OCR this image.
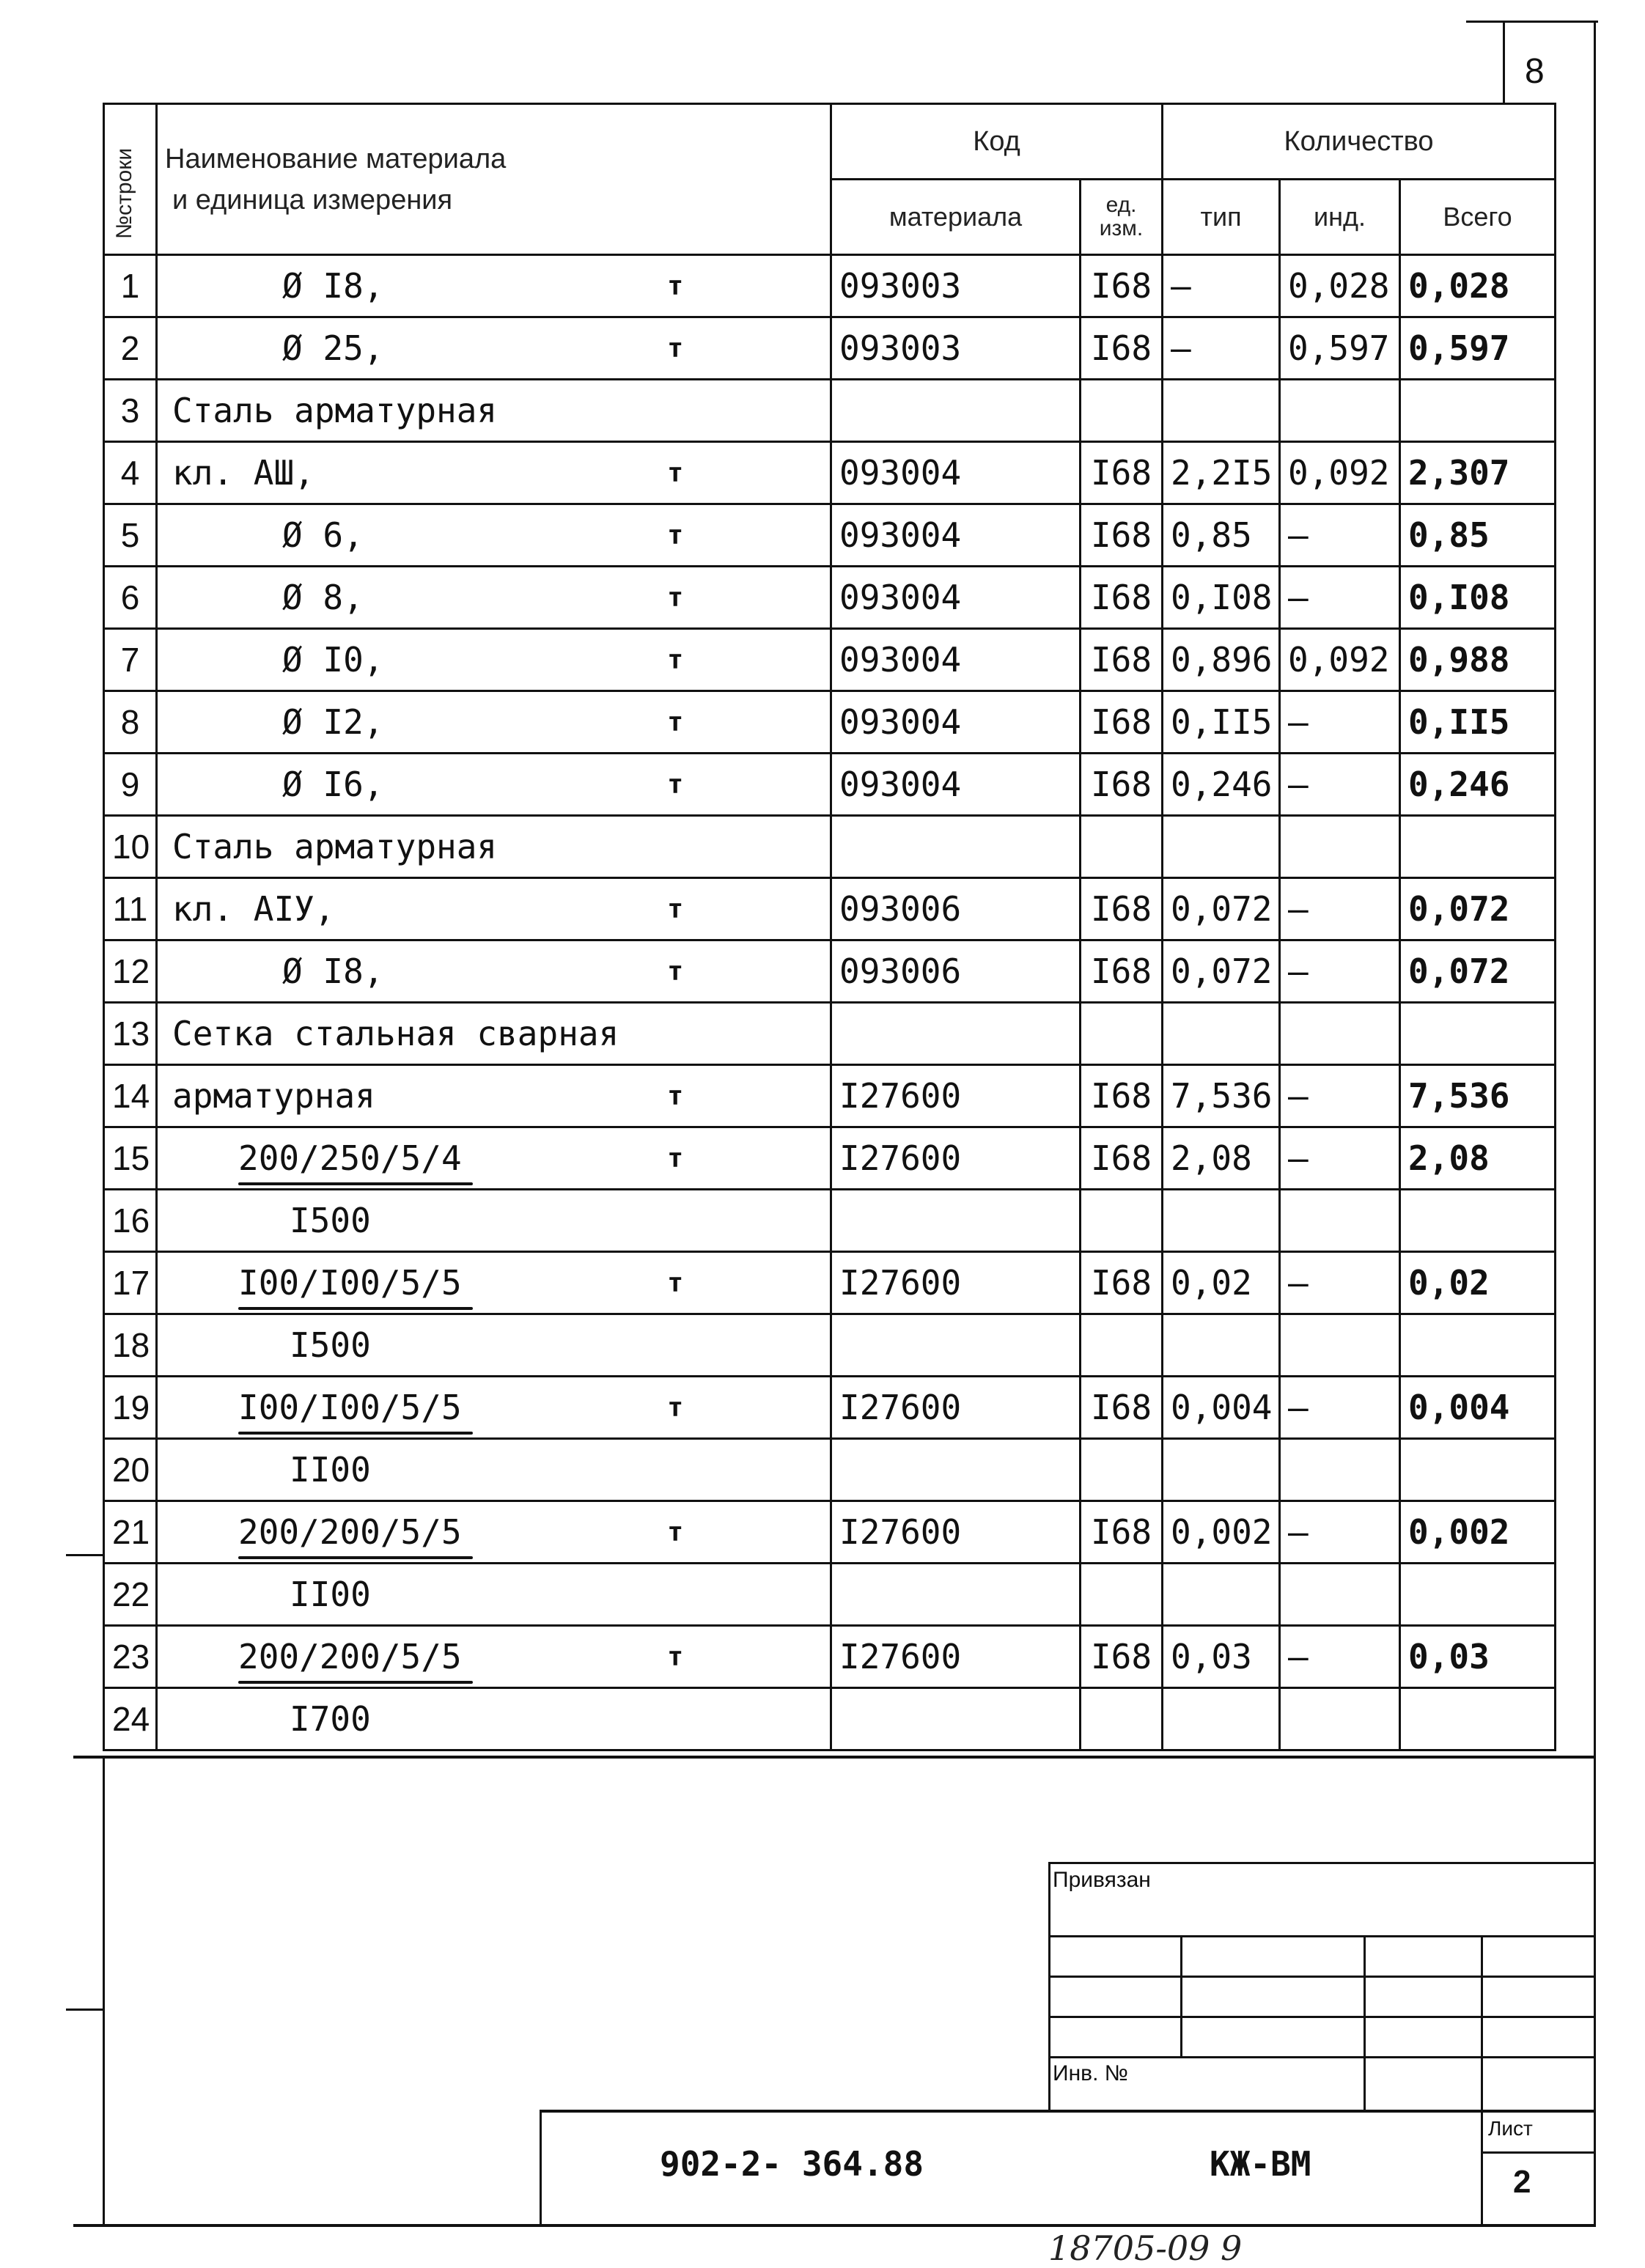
8
№строки	Наименование материала
и единица измерения	Код		Количество		
		материала	ед. изм.	тип	инд.	Всего
1	Ø I8, т	093003	I68	–	0,028	0,028
2	Ø 25, т	093003	I68	–	0,597	0,597
3	Сталь арматурная					

4	кл. АШ, т	093004	I68	2,2I5	0,092	2,307
5	Ø 6, т	093004	I68	0,85	–	0,85
6	Ø 8, т	093004	I68	0,I08	–	0,I08
7	Ø I0, т	093004	I68	0,896	0,092	0,988
8	Ø I2, т	093004	I68	0,II5	–	0,II5
9	Ø I6, т	093004	I68	0,246	–	0,246
10	Сталь арматурная					

11	кл. АIУ, т	093006	I68	0,072	–	0,072
12	Ø I8, т	093006	I68	0,072	–	0,072
13	Сетка стальная сварная					

14	арматурная т	I27600	I68	7,536	–	7,536
15	200/250/5/4 т	I27600	I68	2,08	–	2,08
16	I500					

17	I00/I00/5/5 т	I27600	I68	0,02	–	0,02
18	I500					

19	I00/I00/5/5 т	I27600	I68	0,004	–	0,004
20	II00					

21	200/200/5/5 т	I27600	I68	0,002	–	0,002
22	II00					

23	200/200/5/5 т	I27600	I68	0,03	–	0,03
24	I700					

Привязан
Инв. №
902-2- 364.88	КЖ-ВМ
Лист
2
18705-09 9
